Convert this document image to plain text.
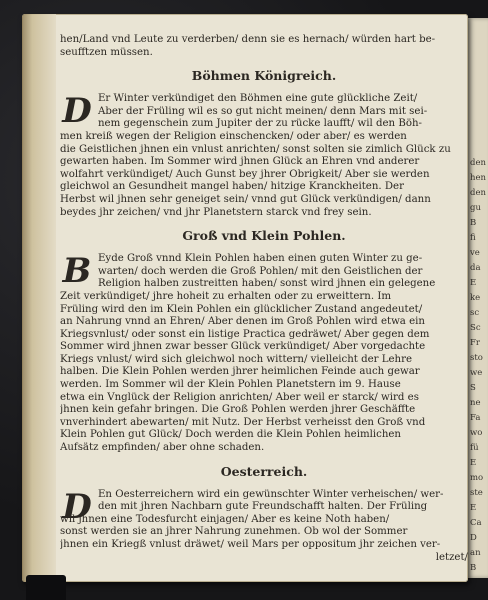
den
hen
den
gu
B
fi
ve
da
E
ke
sc
Sc
Fr
sto
we
S
ne
Fa
wo
fü
E
mo
ste
E
Ca
D
an
B
hen/Land vnd Leute zu verderben/ denn sie es hernach/ würden hart be-
seufftzen müssen.
Böhmen Königreich.
D Er Winter verkündiget den Böhmen eine gute glückliche Zeit/
Aber der Früling wil es so gut nicht meinen/ denn Mars mit sei-
nem gegenschein zum Jupiter der zu rücke laufft/ wil den Böh-
men kreiß wegen der Religion einschencken/ oder aber/ es werden
die Geistlichen jhnen ein vnlust anrichten/ sonst solten sie zimlich Glück zu
gewarten haben. Im Sommer wird jhnen Glück an Ehren vnd anderer
wolfahrt verkündiget/ Auch Gunst bey jhrer Obrigkeit/ Aber sie werden
gleichwol an Gesundheit mangel haben/ hitzige Kranckheiten. Der
Herbst wil jhnen sehr geneiget sein/ vnnd gut Glück verkündigen/ dann
beydes jhr zeichen/ vnd jhr Planetstern starck vnd frey sein.
Groß vnd Klein Pohlen.
B Eyde Groß vnnd Klein Pohlen haben einen guten Winter zu ge-
warten/ doch werden die Groß Pohlen/ mit den Geistlichen der
Religion halben zustreitten haben/ sonst wird jhnen ein gelegene
Zeit verkündiget/ jhre hoheit zu erhalten oder zu erweittern. Im
Früling wird den im Klein Pohlen ein glücklicher Zustand angedeutet/
an Nahrung vnnd an Ehren/ Aber denen im Groß Pohlen wird etwa ein
Kriegsvnlust/ oder sonst ein listige Practica gedräwet/ Aber gegen dem
Sommer wird jhnen zwar besser Glück verkündiget/ Aber vorgedachte
Kriegs vnlust/ wird sich gleichwol noch wittern/ vielleicht der Lehre
halben. Die Klein Pohlen werden jhrer heimlichen Feinde auch gewar
werden. Im Sommer wil der Klein Pohlen Planetstern im 9. Hause
etwa ein Vnglück der Religion anrichten/ Aber weil er starck/ wird es
jhnen kein gefahr bringen. Die Groß Pohlen werden jhrer Geschäffte
vnverhindert abewarten/ mit Nutz. Der Herbst verheisst den Groß vnd
Klein Pohlen gut Glück/ Doch werden die Klein Pohlen heimlichen
Aufsätz empfinden/ aber ohne schaden.
Oesterreich.
D En Oesterreichern wird ein gewünschter Winter verheischen/ wer-
den mit jhren Nachbarn gute Freundschafft halten. Der Früling
wil jhnen eine Todesfurcht einjagen/ Aber es keine Noth haben/
sonst werden sie an jhrer Nahrung zunehmen. Ob wol der Sommer
jhnen ein Kriegß vnlust dräwet/ weil Mars per oppositum jhr zeichen ver-
letzet/
